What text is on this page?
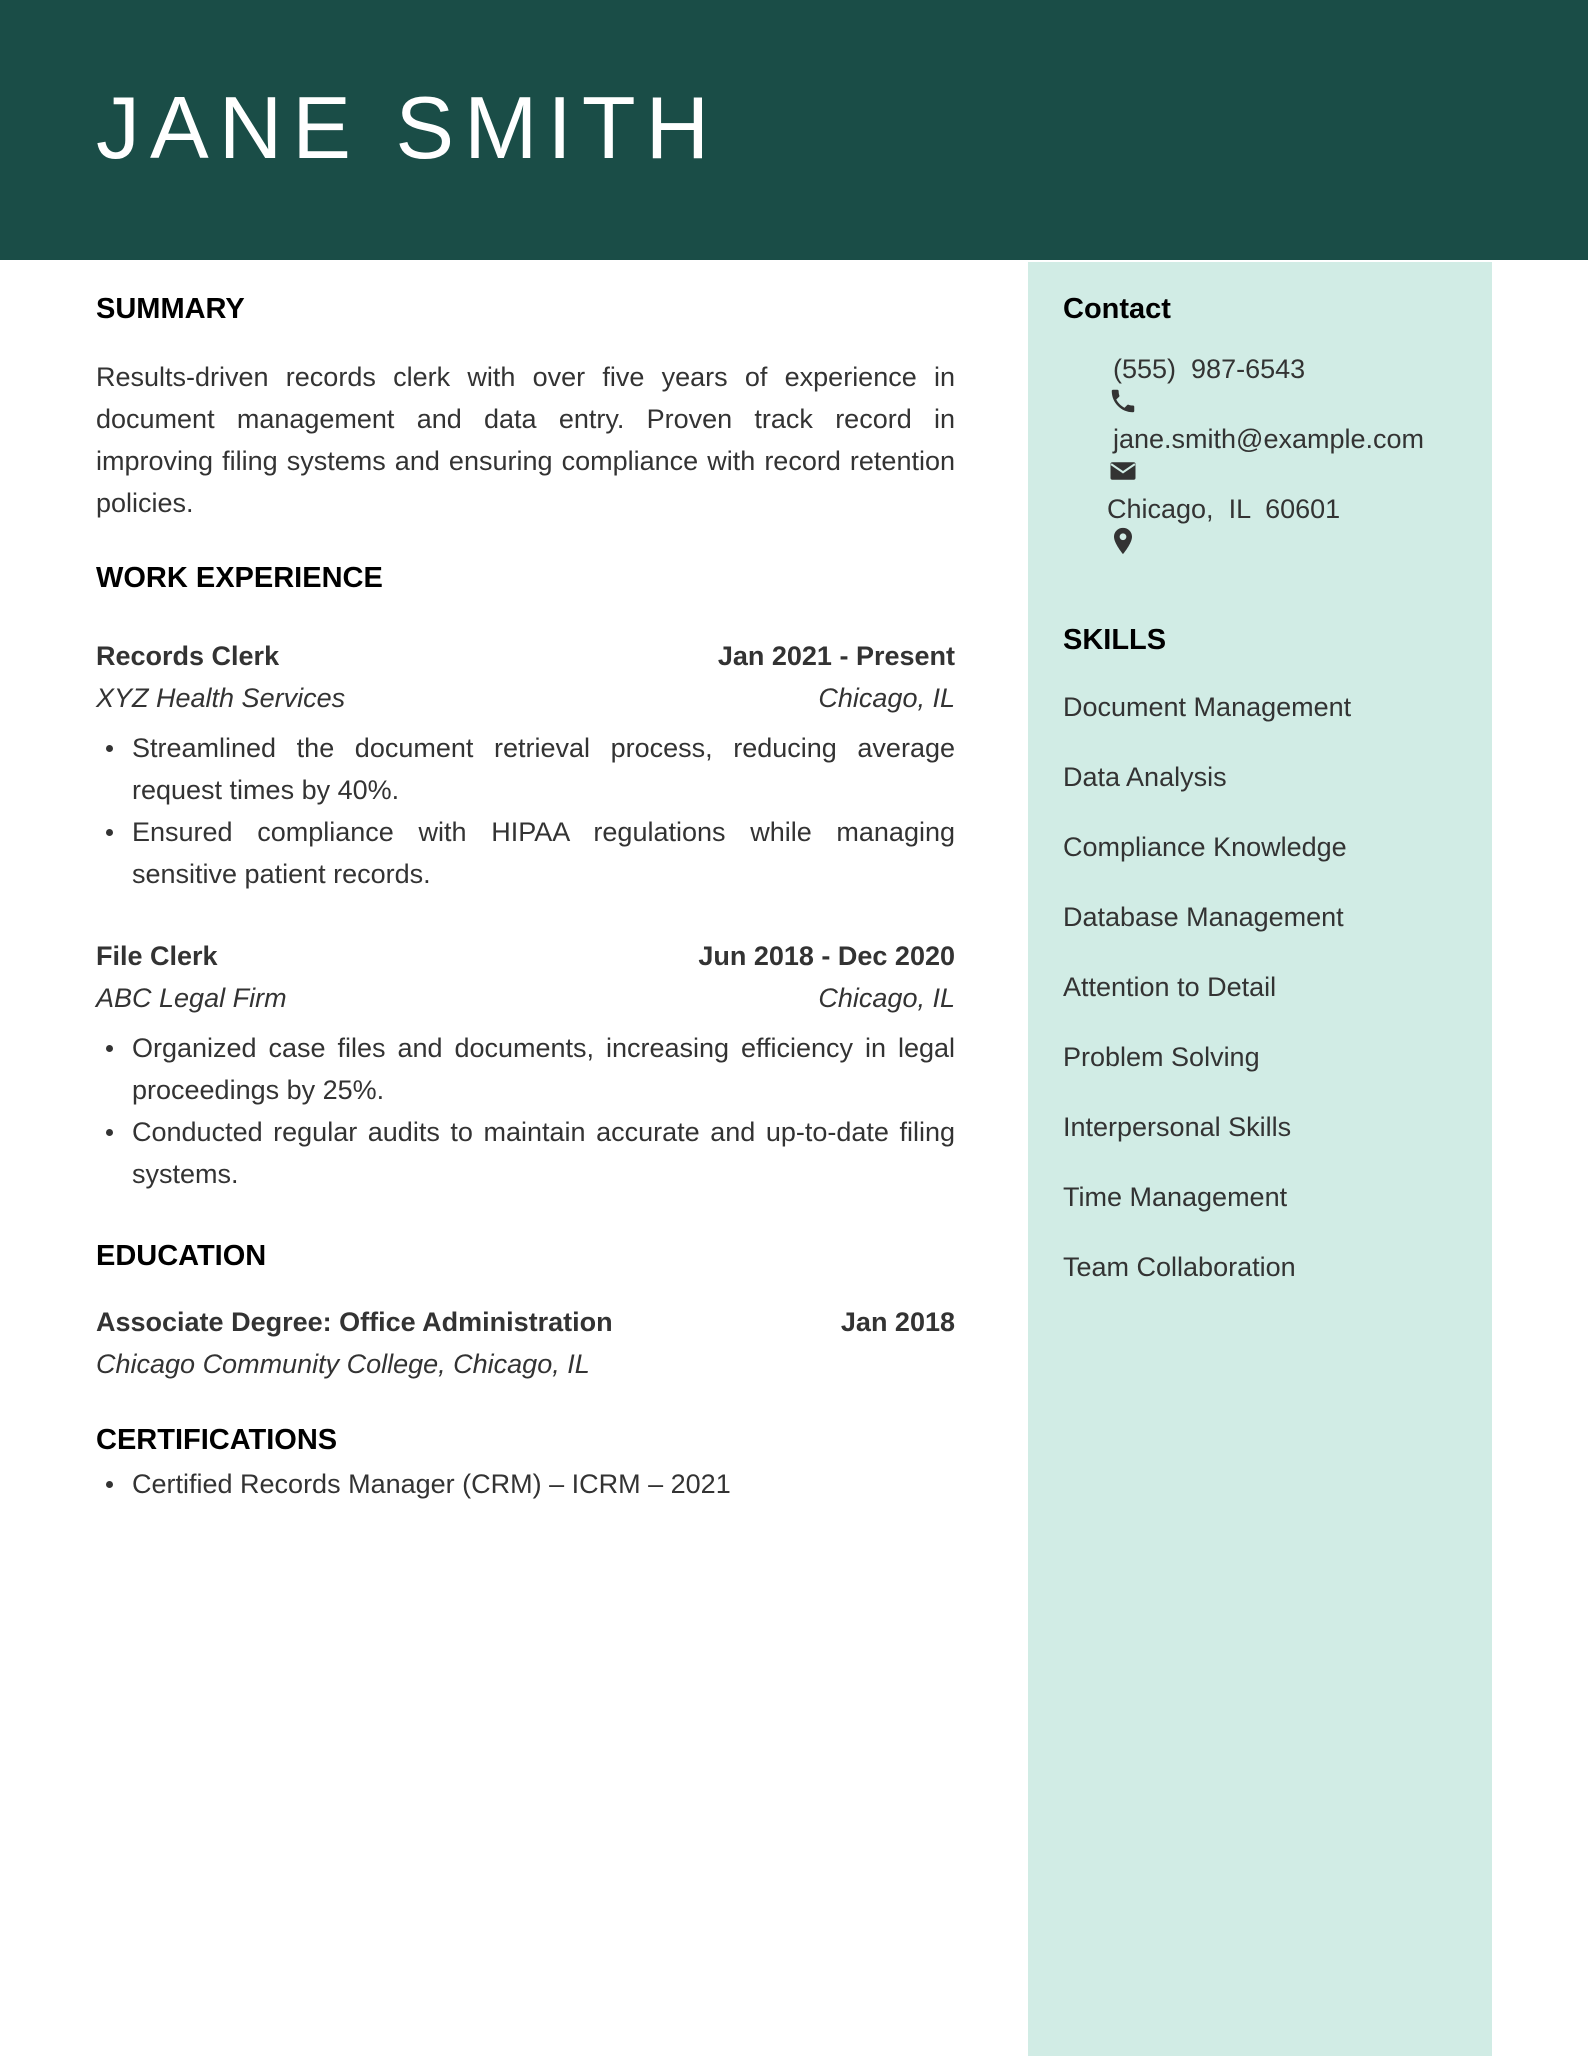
JANE SMITH
SUMMARY

Results-driven records clerk with over five years of experience in document management and data entry. Proven track record in improving filing systems and ensuring compliance with record retention policies.

WORK EXPERIENCE
Records Clerk	Jan 2021 - Present
XYZ Health Services	Chicago, IL
Streamlined the document retrieval process, reducing average request times by 40%.
Ensured compliance with HIPAA regulations while managing sensitive patient records.
File Clerk	Jun 2018 - Dec 2020
ABC Legal Firm	Chicago, IL
Organized case files and documents, increasing efficiency in legal proceedings by 25%.
Conducted regular audits to maintain accurate and up-to-date filing systems.
EDUCATION
Associate Degree: Office Administration	Jan 2018
Chicago Community College, Chicago, IL
CERTIFICATIONS
Certified Records Manager (CRM) – ICRM – 2021
Contact

(555)  987-6543

jane.smith@example.com

Chicago,  IL  60601
SKILLS
Document Management
Data Analysis
Compliance Knowledge
Database Management
Attention to Detail
Problem Solving
Interpersonal Skills
Time Management
Team Collaboration
